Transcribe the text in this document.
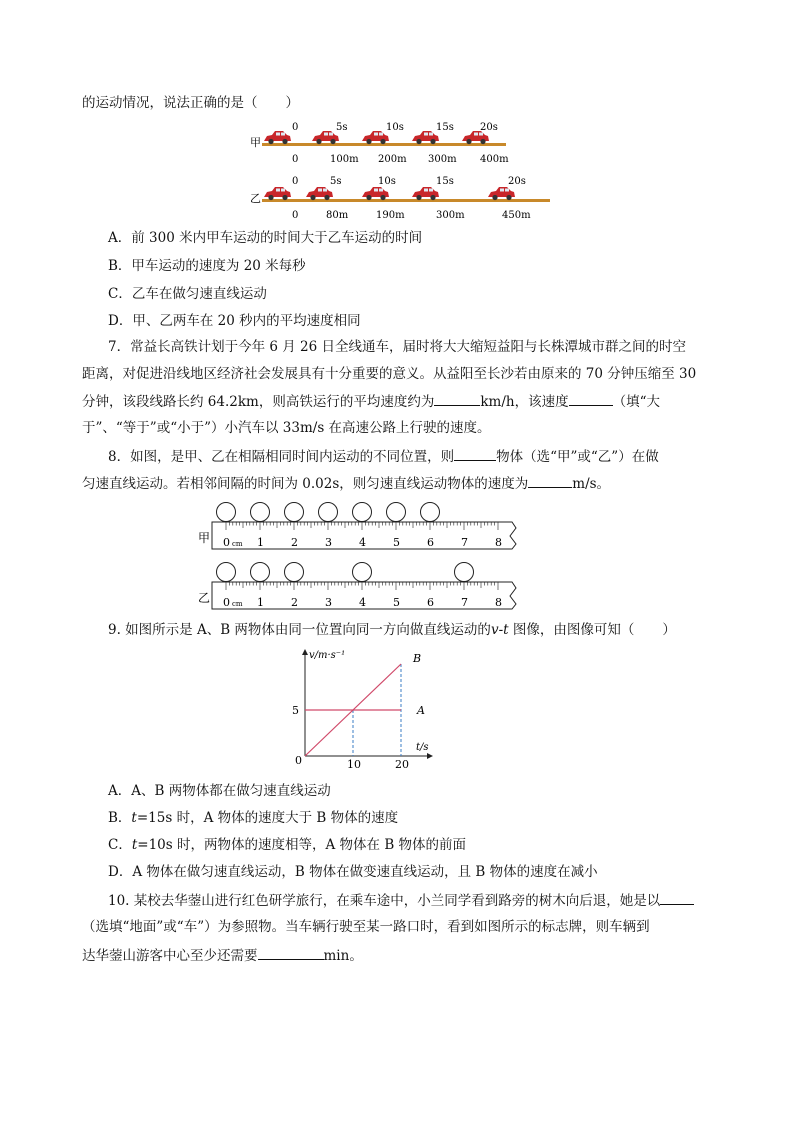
的运动情况，说法正确的是（ ）
甲
0	5s	10s	15s	20s
0	100m 200m 300m 400m
乙
0	5s	10s	15s	20s
0	80m	190m	300m	450m
A．前 300 米内甲车运动的时间大于乙车运动的时间
B．甲车运动的速度为 20 米每秒
C．乙车在做匀速直线运动
D．甲、乙两车在 20 秒内的平均速度相同
7．常益长高铁计划于今年 6 月 26 日全线通车，届时将大大缩短益阳与长株潭城市群之间的时空
距离，对促进沿线地区经济社会发展具有十分重要的意义。从益阳至长沙若由原来的 70 分钟压缩至 30
分钟，该段线路长约 64.2km，则高铁运行的平均速度约为	km/h，该速度	（填“大
于”、“等于”或“小于”）小汽车以 33m/s 在高速公路上行驶的速度。
8．如图，是甲、乙在相隔相同时间内运动的不同位置，则	物体（选“甲”或“乙”）在做
匀速直线运动。若相邻间隔的时间为 0.02s，则匀速直线运动物体的速度为	m/s。
甲 0 cm 1 2 3 4 5 6 7 8
乙 0 cm 1 2 3 4 5 6 7 8
9. 如图所示是 A、B 两物体由同一位置向同一方向做直线运动的v-t 图像，由图像可知（ ）
v/m·s⁻¹
t/s
0	10	20
5	A
B
A．A、B 两物体都在做匀速直线运动
B．t=15s 时，A 物体的速度大于 B 物体的速度
C．t=10s 时，两物体的速度相等，A 物体在 B 物体的前面
D．A 物体在做匀速直线运动，B 物体在做变速直线运动，且 B 物体的速度在减小
10. 某校去华蓥山进行红色研学旅行，在乘车途中，小兰同学看到路旁的树木向后退，她是以
（选填“地面”或“车”）为参照物。当车辆行驶至某一路口时，看到如图所示的标志牌，则车辆到
达华蓥山游客中心至少还需要	min。
